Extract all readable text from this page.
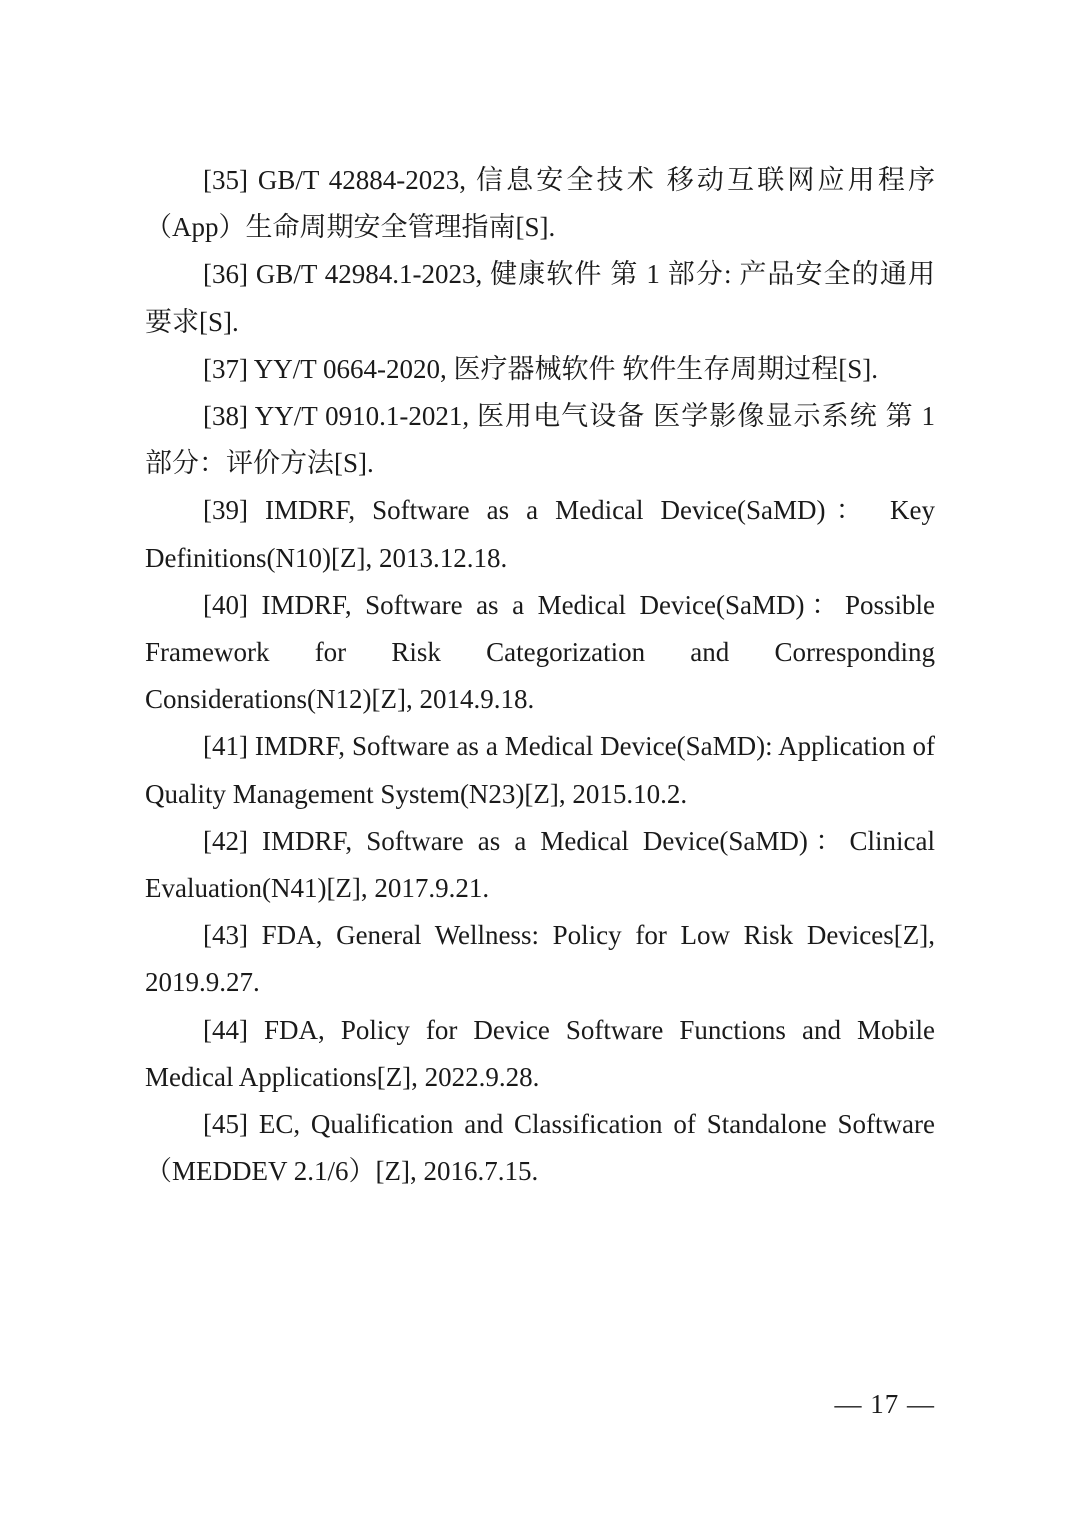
[35] GB/T 42884-2023, 信息安全技术 移动互联网应用程序（App）生命周期安全管理指南[S].
[36] GB/T 42984.1-2023, 健康软件 第 1 部分: 产品安全的通用要求[S].
[37] YY/T 0664-2020, 医疗器械软件 软件生存周期过程[S].
[38] YY/T 0910.1-2021, 医用电气设备 医学影像显示系统 第 1 部分：评价方法[S].
[39] IMDRF, Software as a Medical Device(SaMD)： Key Definitions(N10)[Z], 2013.12.18.
[40] IMDRF, Software as a Medical Device(SaMD)：Possible Framework for Risk Categorization and Corresponding Considerations(N12)[Z], 2014.9.18.
[41] IMDRF, Software as a Medical Device(SaMD): Application of Quality Management System(N23)[Z], 2015.10.2.
[42] IMDRF, Software as a Medical Device(SaMD)：Clinical Evaluation(N41)[Z], 2017.9.21.
[43] FDA, General Wellness: Policy for Low Risk Devices[Z], 2019.9.27.
[44] FDA, Policy for Device Software Functions and Mobile Medical Applications[Z], 2022.9.28.
[45] EC, Qualification and Classification of Standalone Software（MEDDEV 2.1/6）[Z], 2016.7.15.
— 17 —
